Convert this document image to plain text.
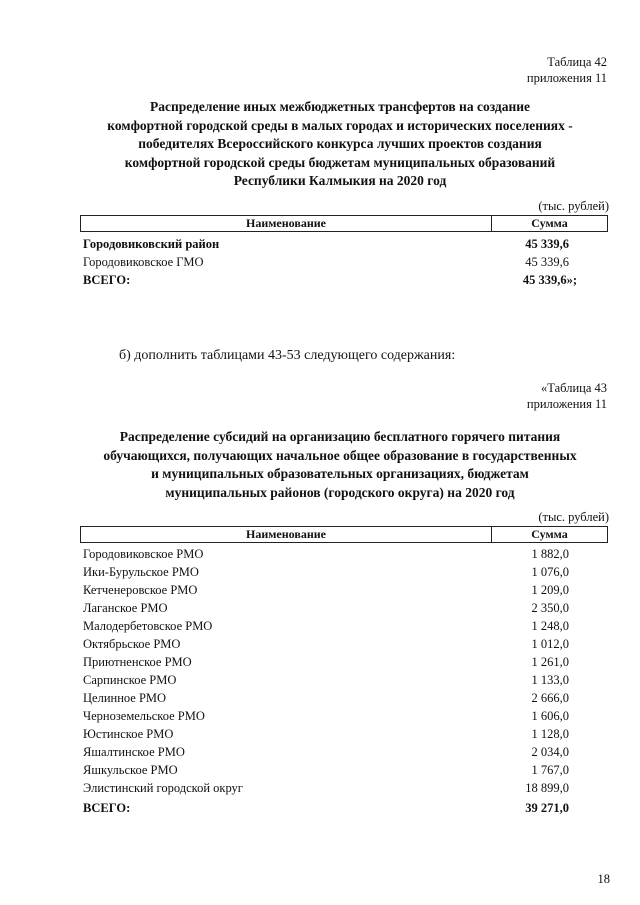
Таблица 42
приложения 11
Распределение иных межбюджетных трансфертов на создание
комфортной городской среды в малых городах и исторических поселениях -
победителях Всероссийского конкурса лучших проектов создания
комфортной городской среды бюджетам муниципальных образований
Республики Калмыкия на 2020 год
(тыс. рублей)
Наименование	Сумма
Городовиковский район	45 339,6
Городовиковское ГМО	45 339,6
ВСЕГО:	45 339,6»;
б) дополнить таблицами 43-53 следующего содержания:
«Таблица 43
приложения 11
Распределение субсидий на организацию бесплатного горячего питания
обучающихся, получающих начальное общее образование в государственных
и муниципальных образовательных организациях, бюджетам
муниципальных районов (городского округа) на 2020 год
(тыс. рублей)
Наименование	Сумма
Городовиковское РМО	1 882,0
Ики-Бурульское РМО	1 076,0
Кетченеровское РМО	1 209,0
Лаганское РМО	2 350,0
Малодербетовское РМО	1 248,0
Октябрьское РМО	1 012,0
Приютненское РМО	1 261,0
Сарпинское РМО	1 133,0
Целинное РМО	2 666,0
Черноземельское РМО	1 606,0
Юстинское РМО	1 128,0
Яшалтинское РМО	2 034,0
Яшкульское РМО	1 767,0
Элистинский городской округ	18 899,0
ВСЕГО:	39 271,0
18
